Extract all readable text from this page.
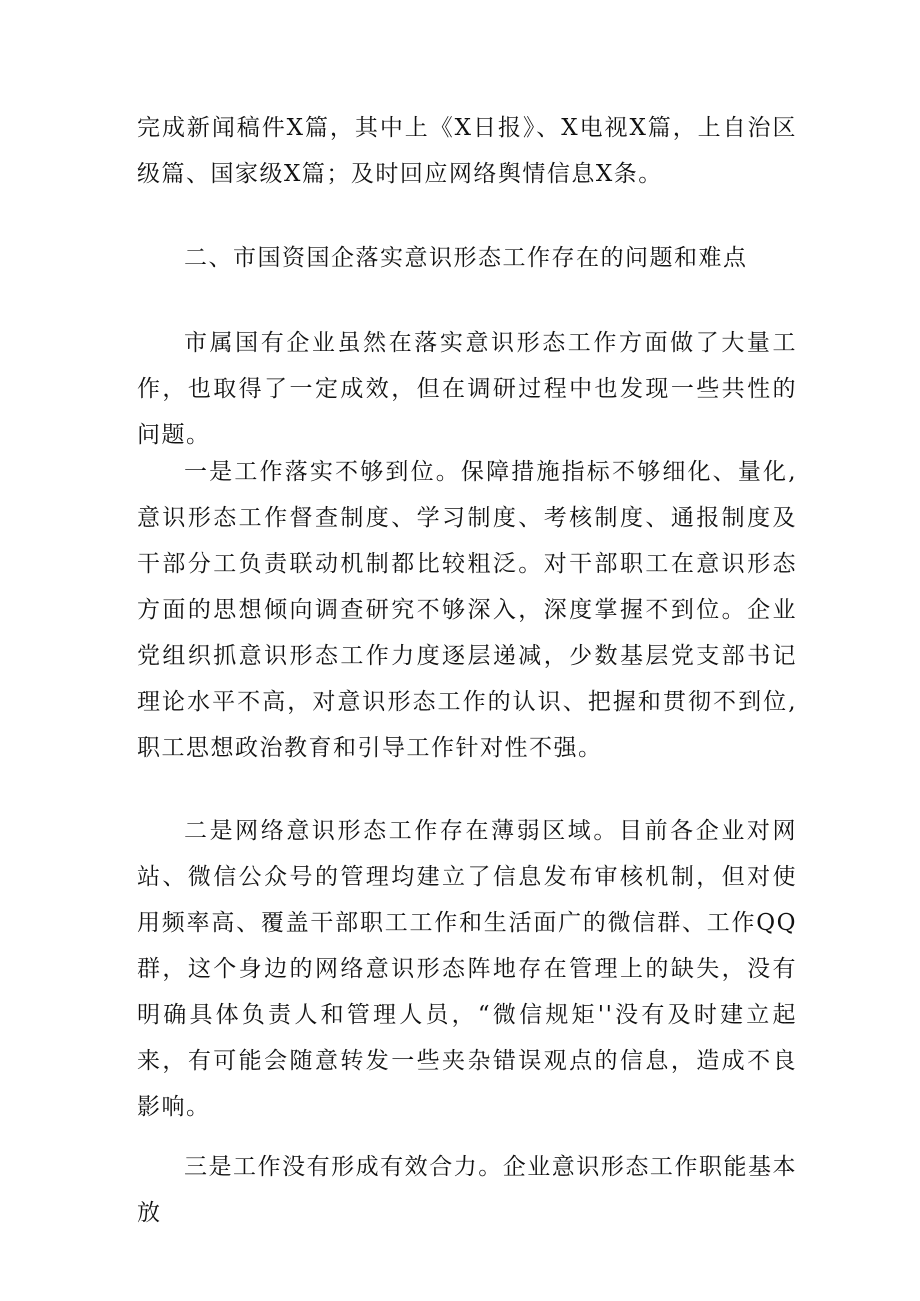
完成新闻稿件X篇，其中上《X日报》、X电视X篇，上自治区级篇、国家级X篇；及时回应网络舆情信息X条。

二、市国资国企落实意识形态工作存在的问题和难点

市属国有企业虽然在落实意识形态工作方面做了大量工作，也取得了一定成效，但在调研过程中也发现一些共性的问题。

一是工作落实不够到位。保障措施指标不够细化、量化,意识形态工作督查制度、学习制度、考核制度、通报制度及干部分工负责联动机制都比较粗泛。对干部职工在意识形态方面的思想倾向调查研究不够深入，深度掌握不到位。企业党组织抓意识形态工作力度逐层递减，少数基层党支部书记理论水平不高，对意识形态工作的认识、把握和贯彻不到位,职工思想政治教育和引导工作针对性不强。

二是网络意识形态工作存在薄弱区域。目前各企业对网站、微信公众号的管理均建立了信息发布审核机制，但对使用频率高、覆盖干部职工工作和生活面广的微信群、工作QQ群，这个身边的网络意识形态阵地存在管理上的缺失，没有明确具体负责人和管理人员，“微信规矩''没有及时建立起来，有可能会随意转发一些夹杂错误观点的信息，造成不良影响。

三是工作没有形成有效合力。企业意识形态工作职能基本放
